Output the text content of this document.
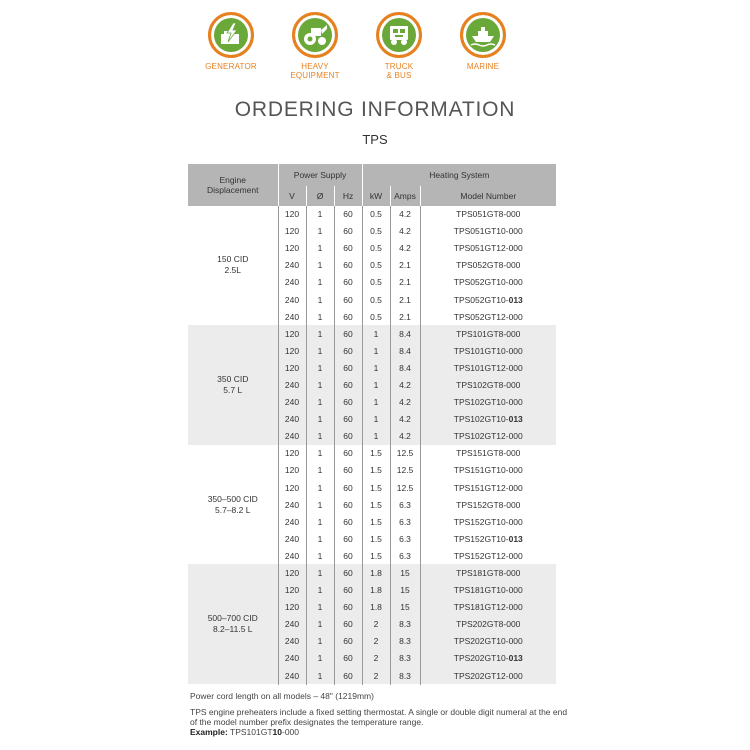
GENERATOR	HEAVY
EQUIPMENT
TRUCK
& BUS
MARINE
ORDERING INFORMATION
TPS
Engine Displacement	Power Supply			Heating System		
	V	Ø	Hz	kW	Amps	Model Number

150 CID
2.5L	120	1	60	0.5	4.2	TPS051GT8-000
	120	1	60	0.5	4.2	TPS051GT10-000
	120	1	60	0.5	4.2	TPS051GT12-000
	240	1	60	0.5	2.1	TPS052GT8-000
	240	1	60	0.5	2.1	TPS052GT10-000
	240	1	60	0.5	2.1	TPS052GT10-013
	240	1	60	0.5	2.1	TPS052GT12-000

350 CID
5.7 L	120	1	60	1	8.4	TPS101GT8-000
	120	1	60	1	8.4	TPS101GT10-000
	120	1	60	1	8.4	TPS101GT12-000
	240	1	60	1	4.2	TPS102GT8-000
	240	1	60	1	4.2	TPS102GT10-000
	240	1	60	1	4.2	TPS102GT10-013
	240	1	60	1	4.2	TPS102GT12-000

350–500 CID
5.7–8.2 L	120	1	60	1.5	12.5	TPS151GT8-000
	120	1	60	1.5	12.5	TPS151GT10-000
	120	1	60	1.5	12.5	TPS151GT12-000
	240	1	60	1.5	6.3	TPS152GT8-000
	240	1	60	1.5	6.3	TPS152GT10-000
	240	1	60	1.5	6.3	TPS152GT10-013
	240	1	60	1.5	6.3	TPS152GT12-000

500–700 CID
8.2–11.5 L	120	1	60	1.8	15	TPS181GT8-000
	120	1	60	1.8	15	TPS181GT10-000
	120	1	60	1.8	15	TPS181GT12-000
	240	1	60	2	8.3	TPS202GT8-000
	240	1	60	2	8.3	TPS202GT10-000
	240	1	60	2	8.3	TPS202GT10-013
	240	1	60	2	8.3	TPS202GT12-000
Power cord length on all models – 48" (1219mm)
TPS engine preheaters include a fixed setting thermostat. A single or double digit numeral at the end of the model number prefix designates the temperature range.
Example: TPS101GT10-000
